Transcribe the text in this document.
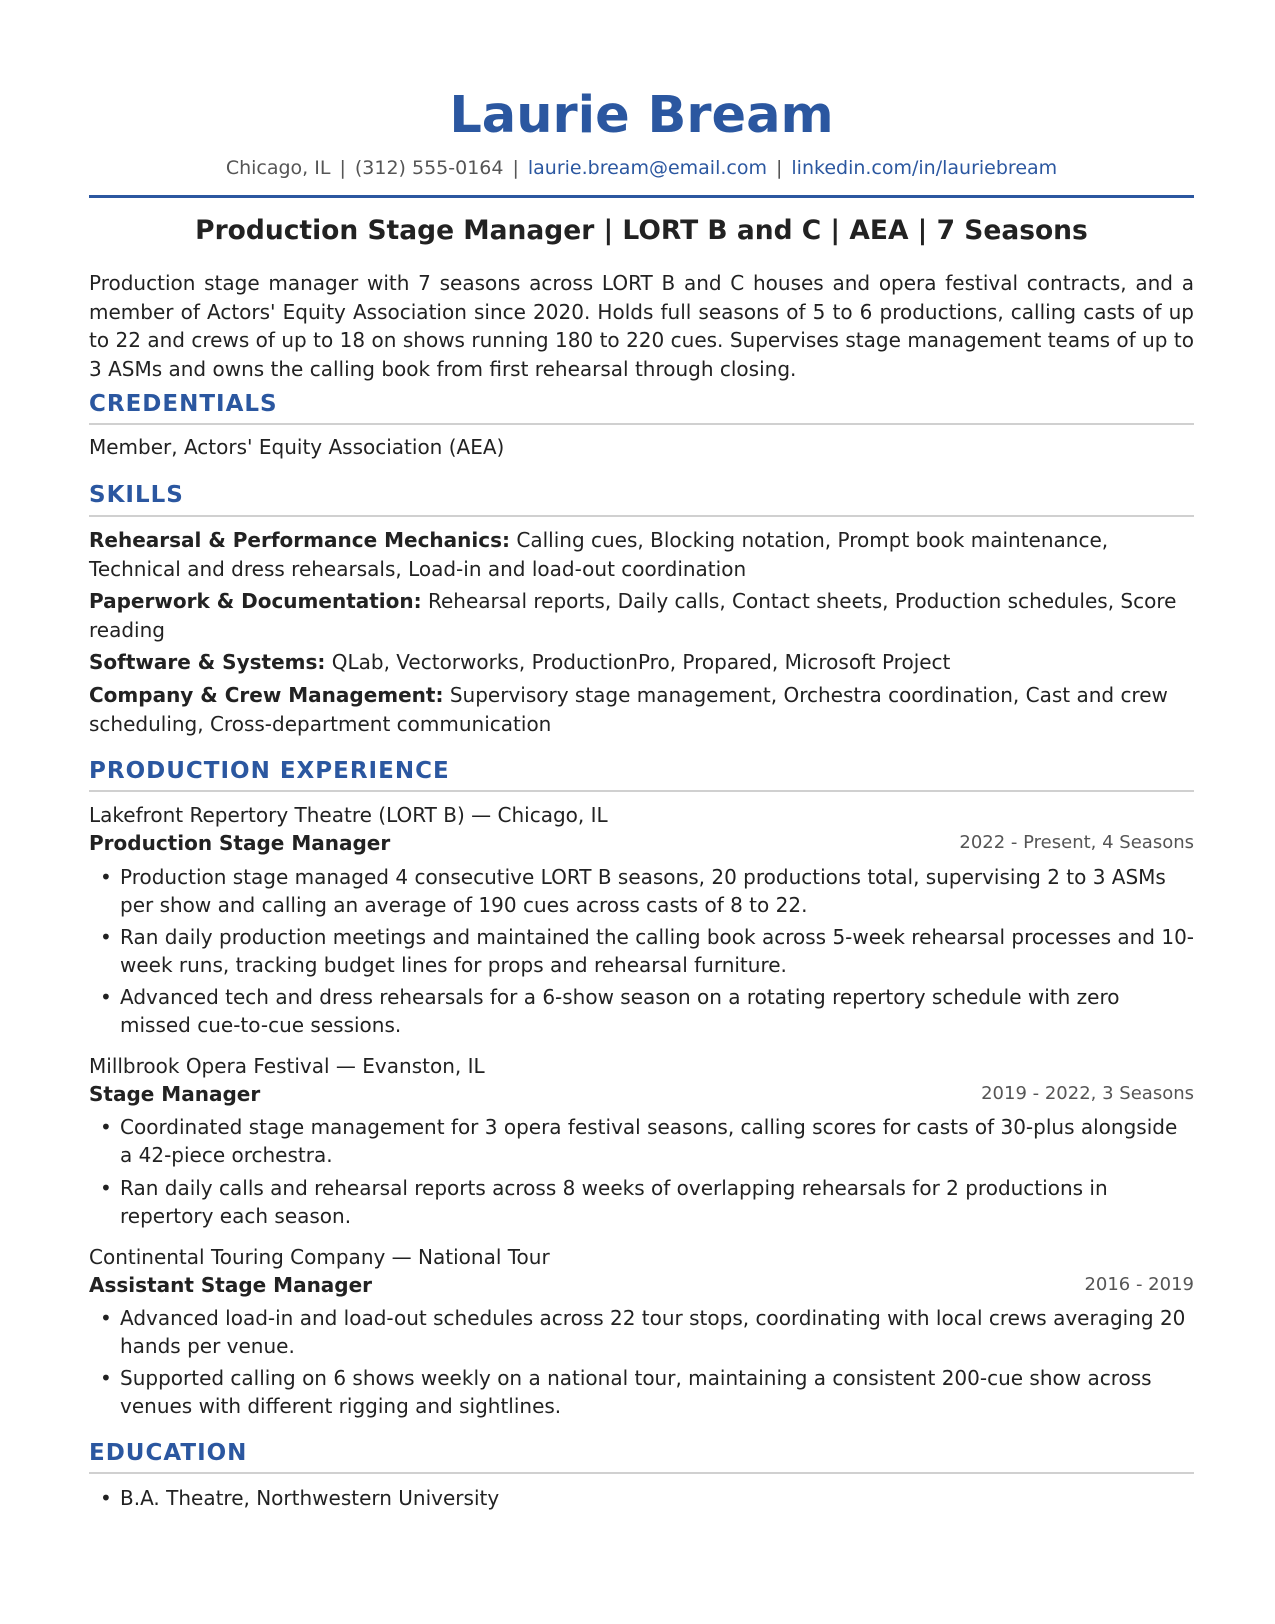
Laurie Bream
Chicago, IL | (312) 555-0164 | laurie.bream@email.com | linkedin.com/in/lauriebream
Production Stage Manager | LORT B and C | AEA | 7 Seasons
Production stage manager with 7 seasons across LORT B and C houses and opera festival contracts, and a member of Actors' Equity Association since 2020. Holds full seasons of 5 to 6 productions, calling casts of up to 22 and crews of up to 18 on shows running 180 to 220 cues. Supervises stage management teams of up to 3 ASMs and owns the calling book from first rehearsal through closing.
CREDENTIALS
Member, Actors' Equity Association (AEA)
SKILLS
Rehearsal & Performance Mechanics: Calling cues, Blocking notation, Prompt book maintenance, Technical and dress rehearsals, Load-in and load-out coordination
Paperwork & Documentation: Rehearsal reports, Daily calls, Contact sheets, Production schedules, Score reading
Software & Systems: QLab, Vectorworks, ProductionPro, Propared, Microsoft Project
Company & Crew Management: Supervisory stage management, Orchestra coordination, Cast and crew scheduling, Cross-department communication
PRODUCTION EXPERIENCE
Lakefront Repertory Theatre (LORT B) — Chicago, IL
Production Stage Manager	2022 - Present, 4 Seasons
• Production stage managed 4 consecutive LORT B seasons, 20 productions total, supervising 2 to 3 ASMs per show and calling an average of 190 cues across casts of 8 to 22.
• Ran daily production meetings and maintained the calling book across 5-week rehearsal processes and 10-week runs, tracking budget lines for props and rehearsal furniture.
• Advanced tech and dress rehearsals for a 6-show season on a rotating repertory schedule with zero missed cue-to-cue sessions.
Millbrook Opera Festival — Evanston, IL
Stage Manager	2019 - 2022, 3 Seasons
• Coordinated stage management for 3 opera festival seasons, calling scores for casts of 30-plus alongside a 42-piece orchestra.
• Ran daily calls and rehearsal reports across 8 weeks of overlapping rehearsals for 2 productions in repertory each season.
Continental Touring Company — National Tour
Assistant Stage Manager	2016 - 2019
• Advanced load-in and load-out schedules across 22 tour stops, coordinating with local crews averaging 20 hands per venue.
• Supported calling on 6 shows weekly on a national tour, maintaining a consistent 200-cue show across venues with different rigging and sightlines.
EDUCATION
• B.A. Theatre, Northwestern University
